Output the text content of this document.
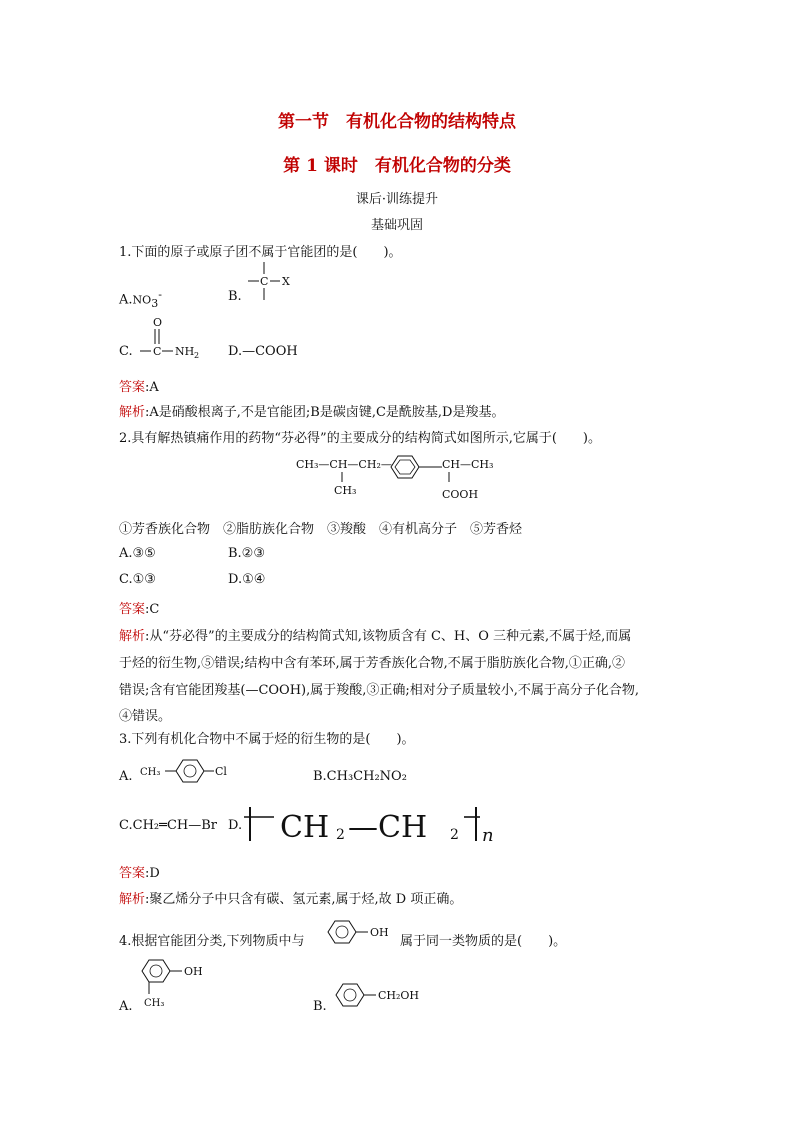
第一节　有机化合物的结构特点
第 1 课时　有机化合物的分类
课后·训练提升
基础巩固
1.下面的原子或原子团不属于官能团的是(　　)。
$A.NO_3^-$	B.
C X
C.
O
C NH 2 D.—COOH
答案:A
解析:A是硝酸根离子,不是官能团;B是碳卤键,C是酰胺基,D是羧基。
2.具有解热镇痛作用的药物“芬必得”的主要成分的结构简式如图所示,它属于(　　)。
CH₃—CH—CH₂—
CH₃
CH—CH₃
COOH
①芳香族化合物　②脂肪族化合物　③羧酸　④有机高分子　⑤芳香烃
A.③⑤	B.②③
C.①③	D.①④
答案:C
解析:从“芬必得”的主要成分的结构简式知,该物质含有 C、H、O 三种元素,不属于烃,而属
于烃的衍生物,⑤错误;结构中含有苯环,属于芳香族化合物,不属于脂肪族化合物,①正确,②
错误;含有官能团羧基(—COOH),属于羧酸,③正确;相对分子质量较小,不属于高分子化合物,
④错误。
3.下列有机化合物中不属于烃的衍生物的是(　　)。
A. CH₃	Cl	B.CH₃CH₂NO₂
C.CH₂═CH—Br D. CH 2 —CH 2 n
答案:D
解析:聚乙烯分子中只含有碳、氢元素,属于烃,故 D 项正确。
4.根据官能团分类,下列物质中与
OH
属于同一类物质的是(　　)。
A.
OH
CH₃	B.
CH₂OH
